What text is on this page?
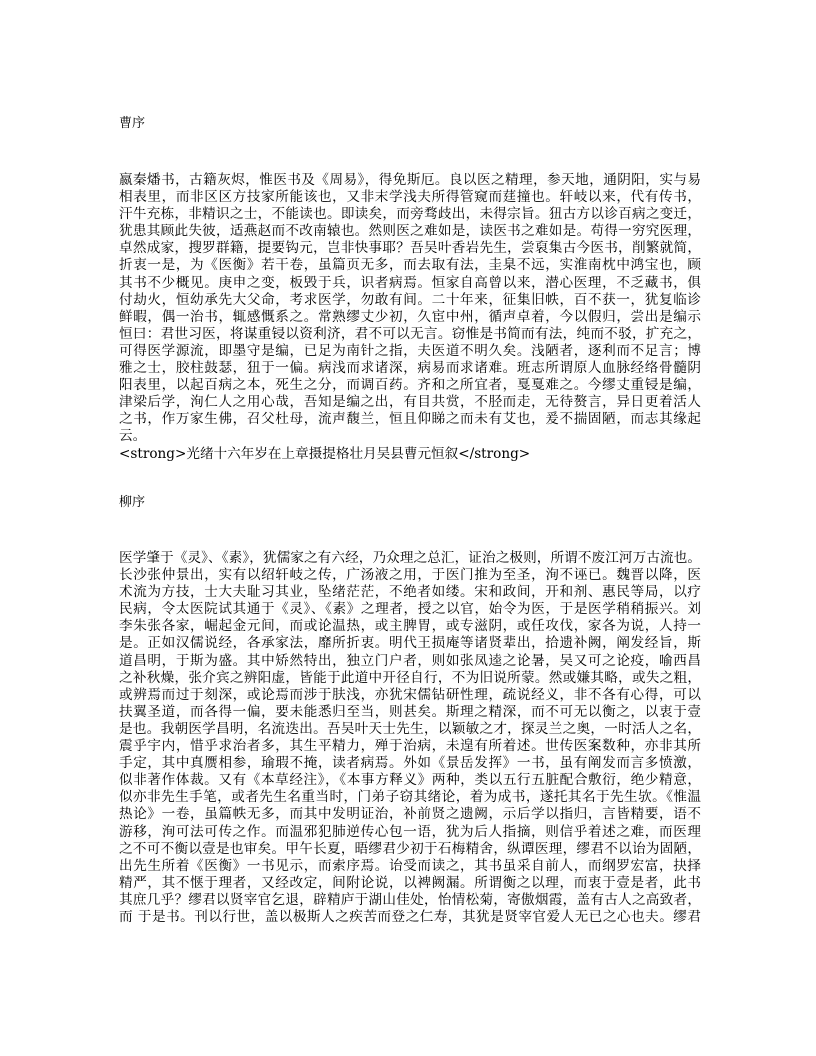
曹序
嬴秦燔书，古籍灰烬，惟医书及《周易》，得免斯厄。良以医之精理，参天地，通阴阳，实与易
相表里，而非区区方技家所能该也，又非末学浅夫所得管窥而莛撞也。轩岐以来，代有传书，
汗牛充栋，非精识之士，不能读也。即读矣，而旁骛歧出，未得宗旨。狃古方以诊百病之变迁，
犹患其顾此失彼，适燕赵而不改南辕也。然则医之难如是，读医书之难如是。苟得一穷究医理，
卓然成家，搜罗群籍，提要钩元，岂非快事耶？吾吴叶香岩先生，尝裒集古今医书，削繁就简，
折衷一是，为《医衡》若干卷，虽篇页无多，而去取有法，圭臬不远，实淮南枕中鸿宝也，顾
其书不少概见。庚申之变，板毁于兵，识者病焉。恒家自高曾以来，潜心医理，不乏藏书，俱
付劫火，恒幼承先大父命，考求医学，勿敢有间。二十年来，征集旧帙，百不获一，犹复临诊
鲜暇，偶一治书，辄感慨系之。常熟缪丈少初，久宦中州，循声卓着，今以假归，尝出是编示
恒曰：君世习医，将谋重锓以资利济，君不可以无言。窃惟是书简而有法，纯而不驳，扩充之，
可得医学源流，即墨守是编，已足为南针之指，夫医道不明久矣。浅陋者，逐利而不足言；博
雅之士，胶柱鼓瑟，狃于一偏。病浅而求诸深，病易而求诸难。班志所谓原人血脉经络骨髓阴
阳表里，以起百病之本，死生之分，而调百药。齐和之所宜者，戛戛难之。今缪丈重锓是编，
津梁后学，洵仁人之用心哉，吾知是编之出，有目共赏，不胫而走，无待赘言，异日更着活人
之书，作万家生佛，召父杜母，流声馥兰，恒且仰睇之而未有艾也，爰不揣固陋，而志其缘起
云。
<strong>光绪十六年岁在上章摄提格壮月吴县曹元恒叙</strong>
柳序
医学肇于《灵》、《素》，犹儒家之有六经，乃众理之总汇，证治之极则，所谓不废江河万古流也。
长沙张仲景出，实有以绍轩岐之传，广汤液之用，于医门推为至圣，洵不诬已。魏晋以降，医
术流为方技，士大夫耻习其业，坠绪茫茫，不绝者如缕。宋和政间，开和剂、惠民等局，以疗
民病，令太医院试其通于《灵》、《素》之理者，授之以官，始令为医，于是医学稍稍振兴。刘
李朱张各家，崛起金元间，而或论温热，或主脾胃，或专滋阴，或任攻伐，家各为说，人持一
是。正如汉儒说经，各承家法，靡所折衷。明代王损庵等诸贤辈出，拾遗补阙，阐发经旨，斯
道昌明，于斯为盛。其中矫然特出，独立门户者，则如张凤逵之论暑，吴又可之论疫，喻西昌
之补秋燥，张介宾之辨阳虚，皆能于此道中开径自行，不为旧说所蒙。然或嫌其略，或失之粗，
或辨焉而过于刻深，或论焉而涉于肤浅，亦犹宋儒钻研性理，疏说经义，非不各有心得，可以
扶翼圣道，而各得一偏，要未能悉归至当，则甚矣。斯理之精深，而不可无以衡之，以衷于壹
是也。我朝医学昌明，名流迭出。吾吴叶天士先生，以颖敏之才，探灵兰之奥，一时活人之名，
震乎宇内，惜乎求治者多，其生平精力，殚于治病，未遑有所着述。世传医案数种，亦非其所
手定，其中真赝相参，瑜瑕不掩，读者病焉。外如《景岳发挥》一书，虽有阐发而言多愤激，
似非著作体裁。又有《本草经注》，《本事方释义》两种，类以五行五脏配合敷衍，绝少精意，
似亦非先生手笔，或者先生名重当时，门弟子窃其绪论，着为成书，遂托其名于先生欤。《惟温
热论》一卷，虽篇帙无多，而其中发明证治，补前贤之遗阙，示后学以指归，言皆精要，语不
游移，洵可法可传之作。而温邪犯肺逆传心包一语，犹为后人指摘，则信乎着述之难，而医理
之不可不衡以壹是也审矣。甲午长夏，晤缪君少初于石梅精舍，纵谭医理，缪君不以诒为固陋，
出先生所着《医衡》一书见示，而索序焉。诒受而读之，其书虽采自前人，而纲罗宏富，抉择
精严，其不惬于理者，又经改定，间附论说，以裨阙漏。所谓衡之以理，而衷于壹是者，此书
其庶几乎？缪君以贤宰官乞退，辟精庐于湖山佳处，怡情松菊，寄傲烟霞，盖有古人之高致者，
而 于是书。刊以行世，盖以极斯人之疾苦而登之仁寿，其犹是贤宰官爱人无已之心也夫。缪君
